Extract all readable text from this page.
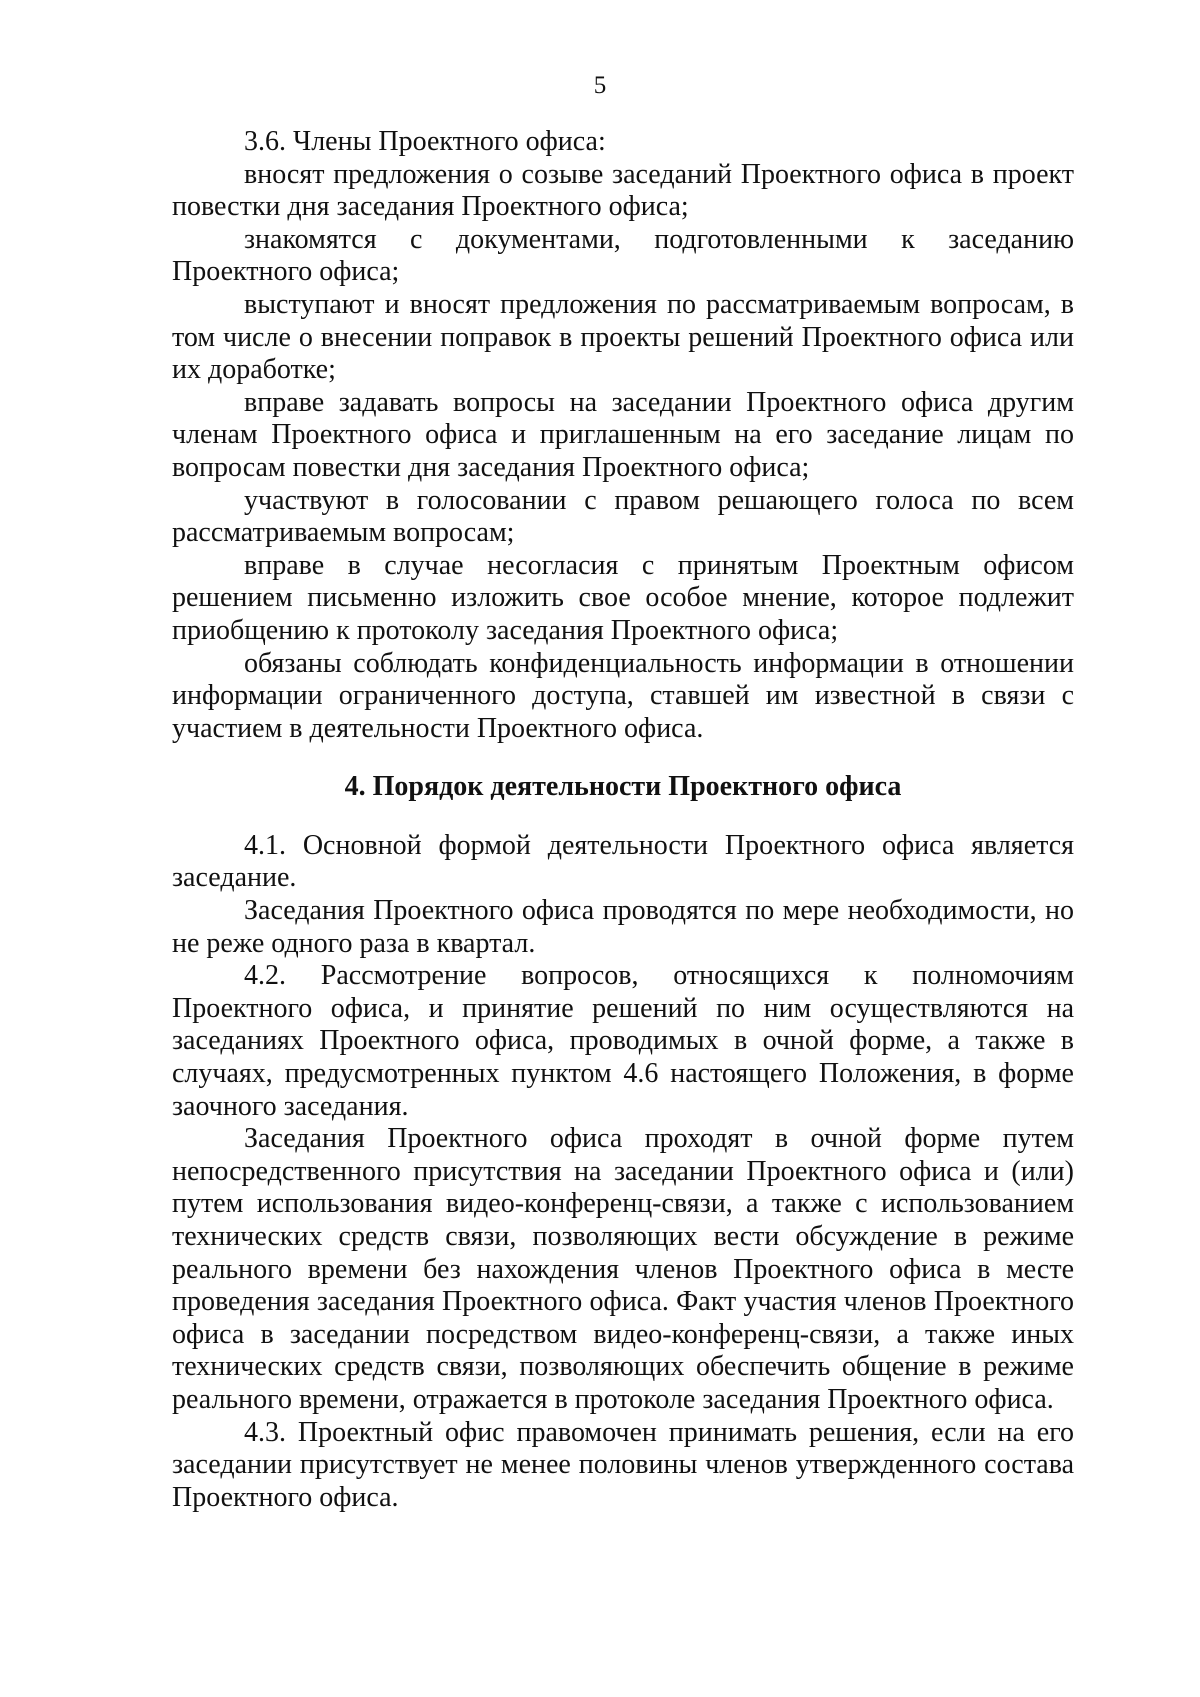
5

3.6. Члены Проектного офиса:

вносят предложения о созыве заседаний Проектного офиса в проект повестки дня заседания Проектного офиса;

знакомятся с документами, подготовленными к заседанию Проектного офиса;

выступают и вносят предложения по рассматриваемым вопросам, в том числе о внесении поправок в проекты решений Проектного офиса или их доработке;

вправе задавать вопросы на заседании Проектного офиса другим членам Проектного офиса и приглашенным на его заседание лицам по вопросам повестки дня заседания Проектного офиса;

участвуют в голосовании с правом решающего голоса по всем рассматриваемым вопросам;

вправе в случае несогласия с принятым Проектным офисом решением письменно изложить свое особое мнение, которое подлежит приобщению к протоколу заседания Проектного офиса;

обязаны соблюдать конфиденциальность информации в отношении информации ограниченного доступа, ставшей им известной в связи с участием в деятельности Проектного офиса.

4. Порядок деятельности Проектного офиса

4.1. Основной формой деятельности Проектного офиса является заседание.

Заседания Проектного офиса проводятся по мере необходимости, но не реже одного раза в квартал.

4.2. Рассмотрение вопросов, относящихся к полномочиям Проектного офиса, и принятие решений по ним осуществляются на заседаниях Проектного офиса, проводимых в очной форме, а также в случаях, предусмотренных пунктом 4.6 настоящего Положения, в форме заочного заседания.

Заседания Проектного офиса проходят в очной форме путем непосредственного присутствия на заседании Проектного офиса и (или) путем использования видео-конференц-связи, а также с использованием технических средств связи, позволяющих вести обсуждение в режиме реального времени без нахождения членов Проектного офиса в месте проведения заседания Проектного офиса. Факт участия членов Проектного офиса в заседании посредством видео-конференц-связи, а также иных технических средств связи, позволяющих обеспечить общение в режиме реального времени, отражается в протоколе заседания Проектного офиса.

4.3. Проектный офис правомочен принимать решения, если на его заседании присутствует не менее половины членов утвержденного состава Проектного офиса.
